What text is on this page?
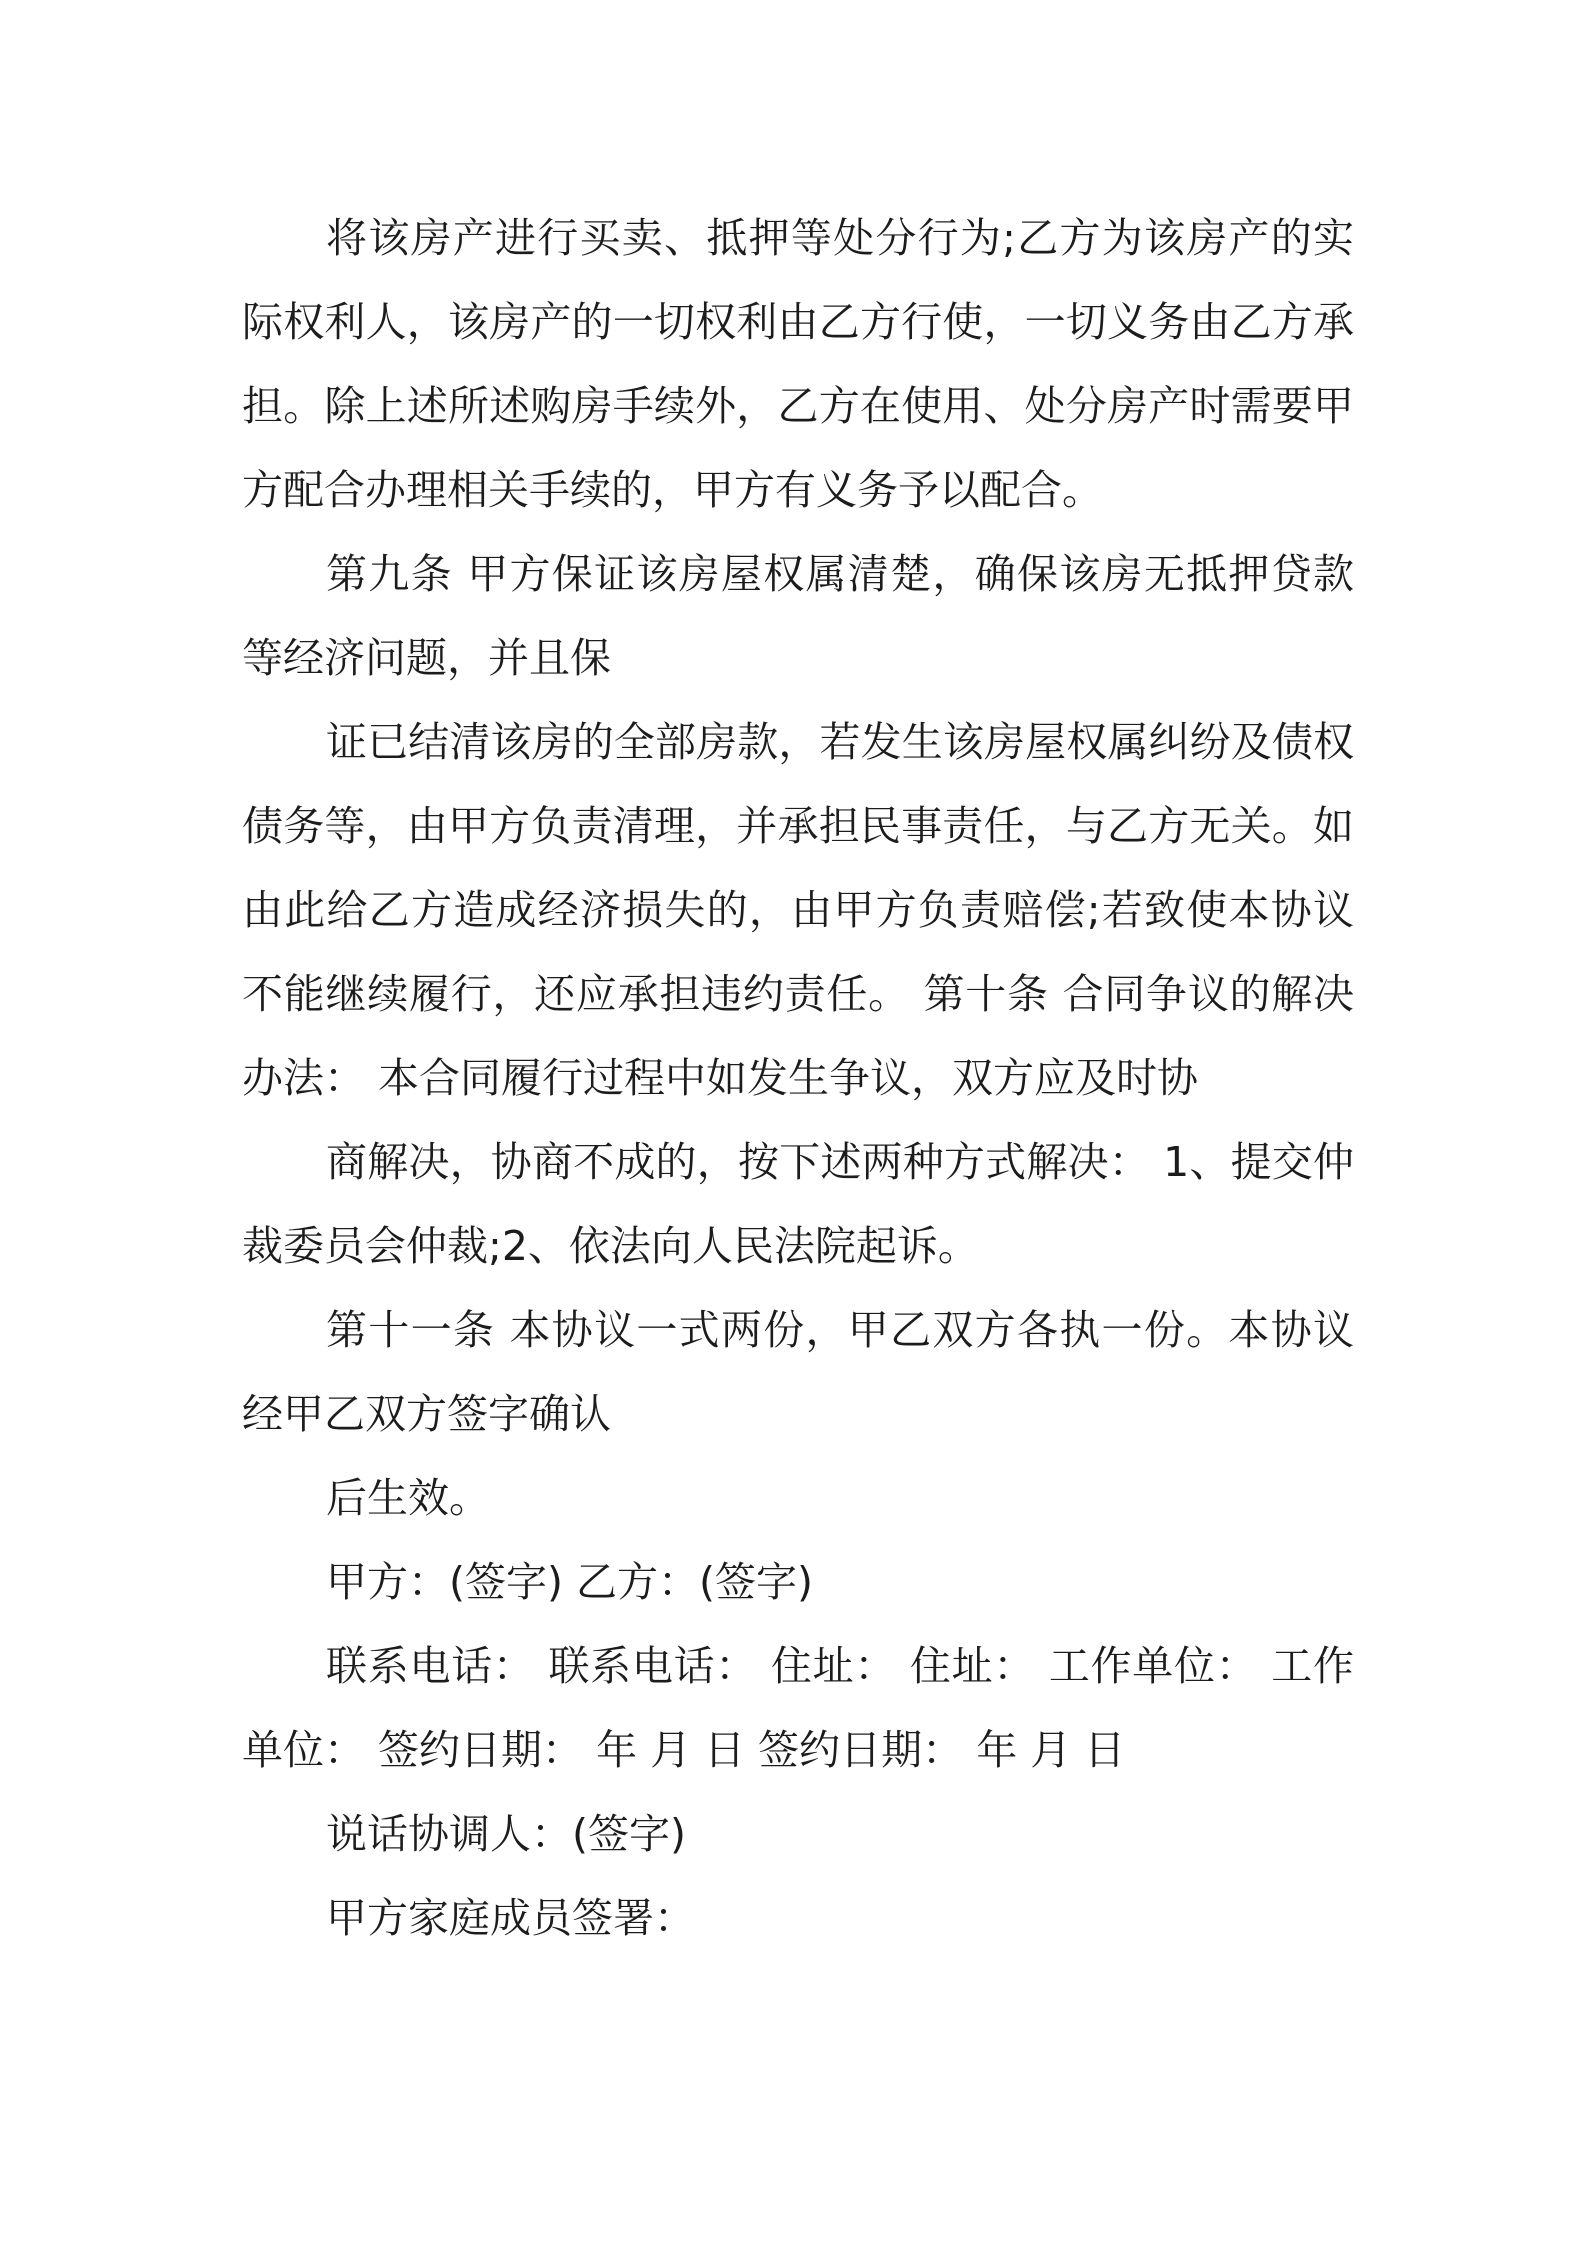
将该房产进行买卖、抵押等处分行为;乙方为该房产的实际权利人，该房产的一切权利由乙方行使，一切义务由乙方承担。除上述所述购房手续外，乙方在使用、处分房产时需要甲方配合办理相关手续的，甲方有义务予以配合。

第九条 甲方保证该房屋权属清楚，确保该房无抵押贷款等经济问题，并且保

证已结清该房的全部房款，若发生该房屋权属纠纷及债权债务等，由甲方负责清理，并承担民事责任，与乙方无关。如由此给乙方造成经济损失的，由甲方负责赔偿;若致使本协议不能继续履行，还应承担违约责任。 第十条 合同争议的解决办法： 本合同履行过程中如发生争议，双方应及时协

商解决，协商不成的，按下述两种方式解决： 1、提交仲裁委员会仲裁;2、依法向人民法院起诉。

第十一条 本协议一式两份，甲乙双方各执一份。本协议经甲乙双方签字确认

后生效。

甲方：(签字) 乙方：(签字)

联系电话： 联系电话： 住址： 住址： 工作单位： 工作单位： 签约日期： 年 月 日 签约日期： 年 月 日

说话协调人：(签字)

甲方家庭成员签署：
